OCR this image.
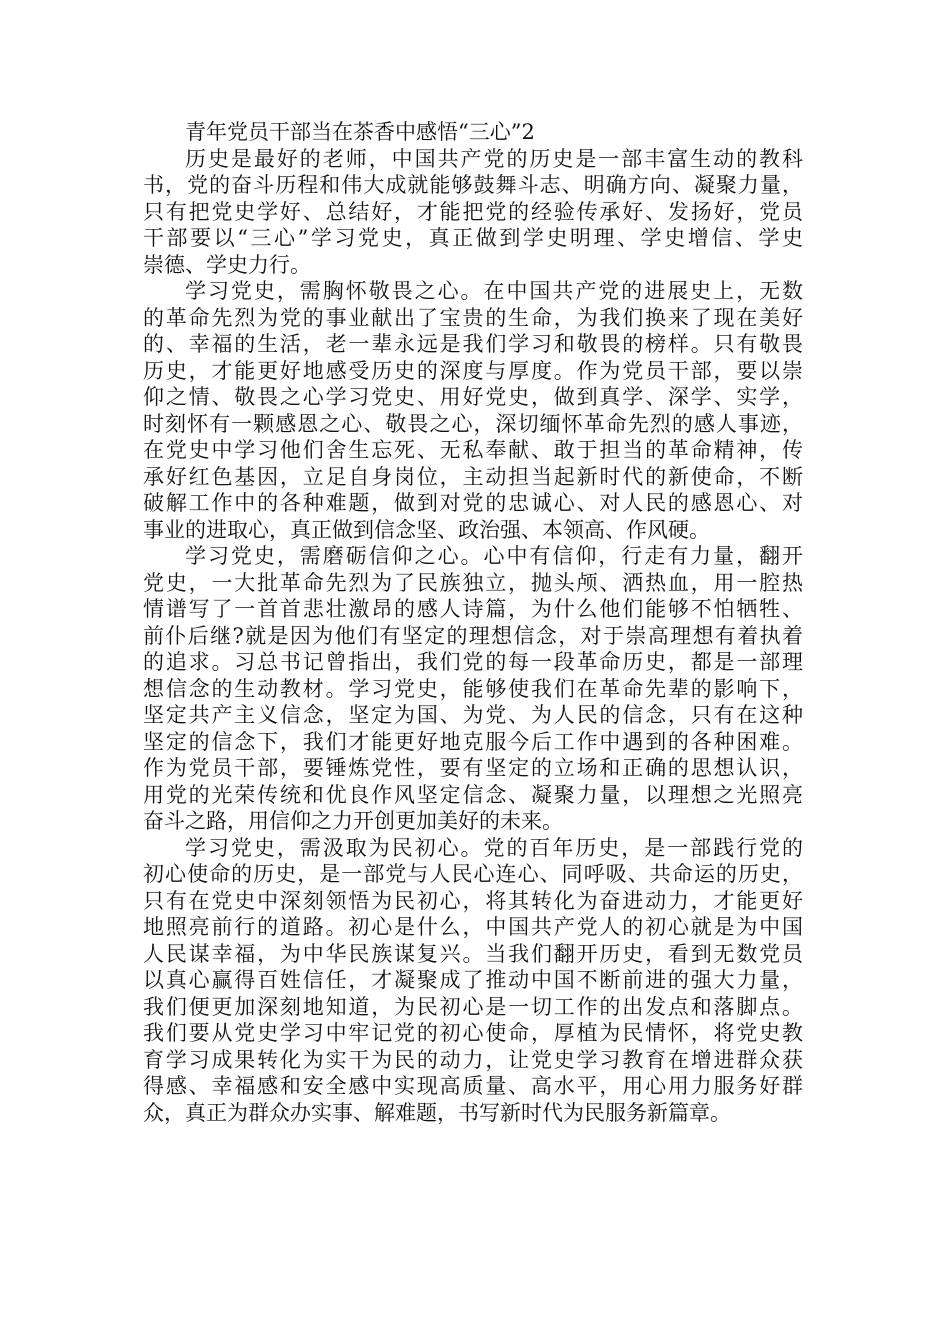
青年党员干部当在茶香中感悟“三心”2
历史是最好的老师，中国共产党的历史是一部丰富生动的教科
书，党的奋斗历程和伟大成就能够鼓舞斗志、明确方向、凝聚力量，
只有把党史学好、总结好，才能把党的经验传承好、发扬好，党员
干部要以“三心”学习党史，真正做到学史明理、学史增信、学史
崇德、学史力行。
学习党史，需胸怀敬畏之心。在中国共产党的进展史上，无数
的革命先烈为党的事业献出了宝贵的生命，为我们换来了现在美好
的、幸福的生活，老一辈永远是我们学习和敬畏的榜样。只有敬畏
历史，才能更好地感受历史的深度与厚度。作为党员干部，要以崇
仰之情、敬畏之心学习党史、用好党史，做到真学、深学、实学，
时刻怀有一颗感恩之心、敬畏之心，深切缅怀革命先烈的感人事迹，
在党史中学习他们舍生忘死、无私奉献、敢于担当的革命精神，传
承好红色基因，立足自身岗位，主动担当起新时代的新使命，不断
破解工作中的各种难题，做到对党的忠诚心、对人民的感恩心、对
事业的进取心，真正做到信念坚、政治强、本领高、作风硬。
学习党史，需磨砺信仰之心。心中有信仰，行走有力量，翻开
党史，一大批革命先烈为了民族独立，抛头颅、洒热血，用一腔热
情谱写了一首首悲壮激昂的感人诗篇，为什么他们能够不怕牺牲、
前仆后继?就是因为他们有坚定的理想信念，对于崇高理想有着执着
的追求。习总书记曾指出，我们党的每一段革命历史，都是一部理
想信念的生动教材。学习党史，能够使我们在革命先辈的影响下，
坚定共产主义信念，坚定为国、为党、为人民的信念，只有在这种
坚定的信念下，我们才能更好地克服今后工作中遇到的各种困难。
作为党员干部，要锤炼党性，要有坚定的立场和正确的思想认识，
用党的光荣传统和优良作风坚定信念、凝聚力量，以理想之光照亮
奋斗之路，用信仰之力开创更加美好的未来。
学习党史，需汲取为民初心。党的百年历史，是一部践行党的
初心使命的历史，是一部党与人民心连心、同呼吸、共命运的历史，
只有在党史中深刻领悟为民初心，将其转化为奋进动力，才能更好
地照亮前行的道路。初心是什么，中国共产党人的初心就是为中国
人民谋幸福，为中华民族谋复兴。当我们翻开历史，看到无数党员
以真心赢得百姓信任，才凝聚成了推动中国不断前进的强大力量，
我们便更加深刻地知道，为民初心是一切工作的出发点和落脚点。
我们要从党史学习中牢记党的初心使命，厚植为民情怀，将党史教
育学习成果转化为实干为民的动力，让党史学习教育在增进群众获
得感、幸福感和安全感中实现高质量、高水平，用心用力服务好群
众，真正为群众办实事、解难题，书写新时代为民服务新篇章。
